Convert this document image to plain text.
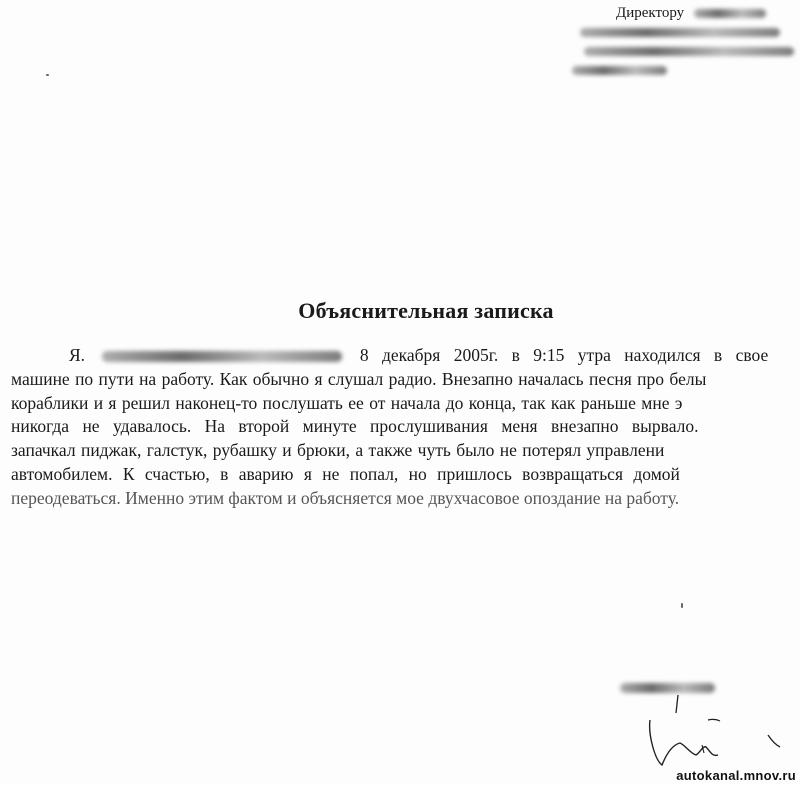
Директору
Объяснительная записка
Я.	8 декабря 2005г. в 9:15 утра находился в свое
машине по пути на работу. Как обычно я слушал радио. Внезапно началась песня про белы
кораблики и я решил наконец-то послушать ее от начала до конца, так как раньше мне э
никогда не удавалось. На второй минуте прослушивания меня внезапно вырвало.
запачкал пиджак, галстук, рубашку и брюки, а также чуть было не потерял управлени
автомобилем. К счастью, в аварию я не попал, но пришлось возвращаться домой
переодеваться. Именно этим фактом и объясняется мое двухчасовое опоздание на работу.
autokanal.mnov.ru
